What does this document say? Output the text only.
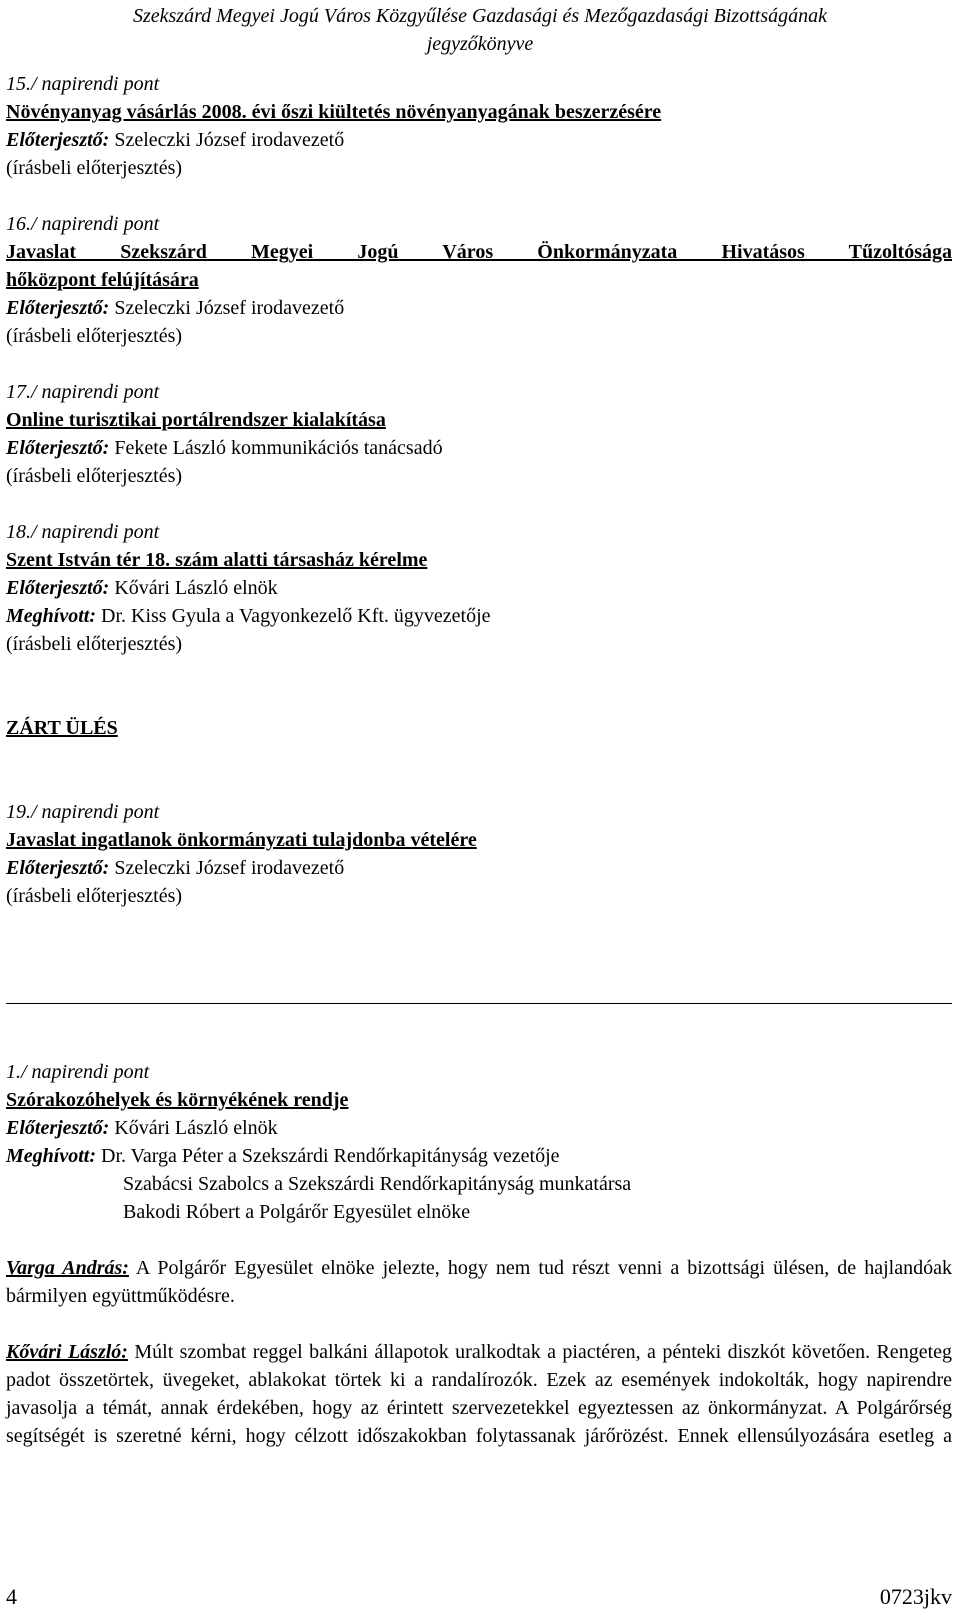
Szekszárd Megyei Jogú Város Közgyűlése Gazdasági és Mezőgazdasági Bizottságának
jegyzőkönyve
15./ napirendi pont
Növényanyag vásárlás 2008. évi őszi kiültetés növényanyagának beszerzésére
Előterjesztő: Szeleczki József irodavezető
(írásbeli előterjesztés)
16./ napirendi pont
Javaslat Szekszárd Megyei Jogú Város Önkormányzata Hivatásos Tűzoltósága
hőközpont felújítására
Előterjesztő: Szeleczki József irodavezető
(írásbeli előterjesztés)
17./ napirendi pont
Online turisztikai portálrendszer kialakítása
Előterjesztő: Fekete László kommunikációs tanácsadó
(írásbeli előterjesztés)
18./ napirendi pont
Szent István tér 18. szám alatti társasház kérelme
Előterjesztő: Kővári László elnök
Meghívott: Dr. Kiss Gyula a Vagyonkezelő Kft. ügyvezetője
(írásbeli előterjesztés)
ZÁRT ÜLÉS
19./ napirendi pont
Javaslat ingatlanok önkormányzati tulajdonba vételére
Előterjesztő: Szeleczki József irodavezető
(írásbeli előterjesztés)
1./ napirendi pont
Szórakozóhelyek és környékének rendje
Előterjesztő: Kővári László elnök
Meghívott: Dr. Varga Péter a Szekszárdi Rendőrkapitányság vezetője
Szabácsi Szabolcs a Szekszárdi Rendőrkapitányság munkatársa
Bakodi Róbert a Polgárőr Egyesület elnöke
Varga András: A Polgárőr Egyesület elnöke jelezte, hogy nem tud részt venni a bizottsági ülésen, de hajlandóak bármilyen együttműködésre.
Kővári László: Múlt szombat reggel balkáni állapotok uralkodtak a piactéren, a pénteki diszkót követően. Rengeteg padot összetörtek, üvegeket, ablakokat törtek ki a randalírozók. Ezek az események indokolták, hogy napirendre javasolja a témát, annak érdekében, hogy az érintett szervezetekkel egyeztessen az önkormányzat. A Polgárőrség segítségét is szeretné kérni, hogy célzott időszakokban folytassanak járőrözést. Ennek ellensúlyozására esetleg a
4	0723jkv
